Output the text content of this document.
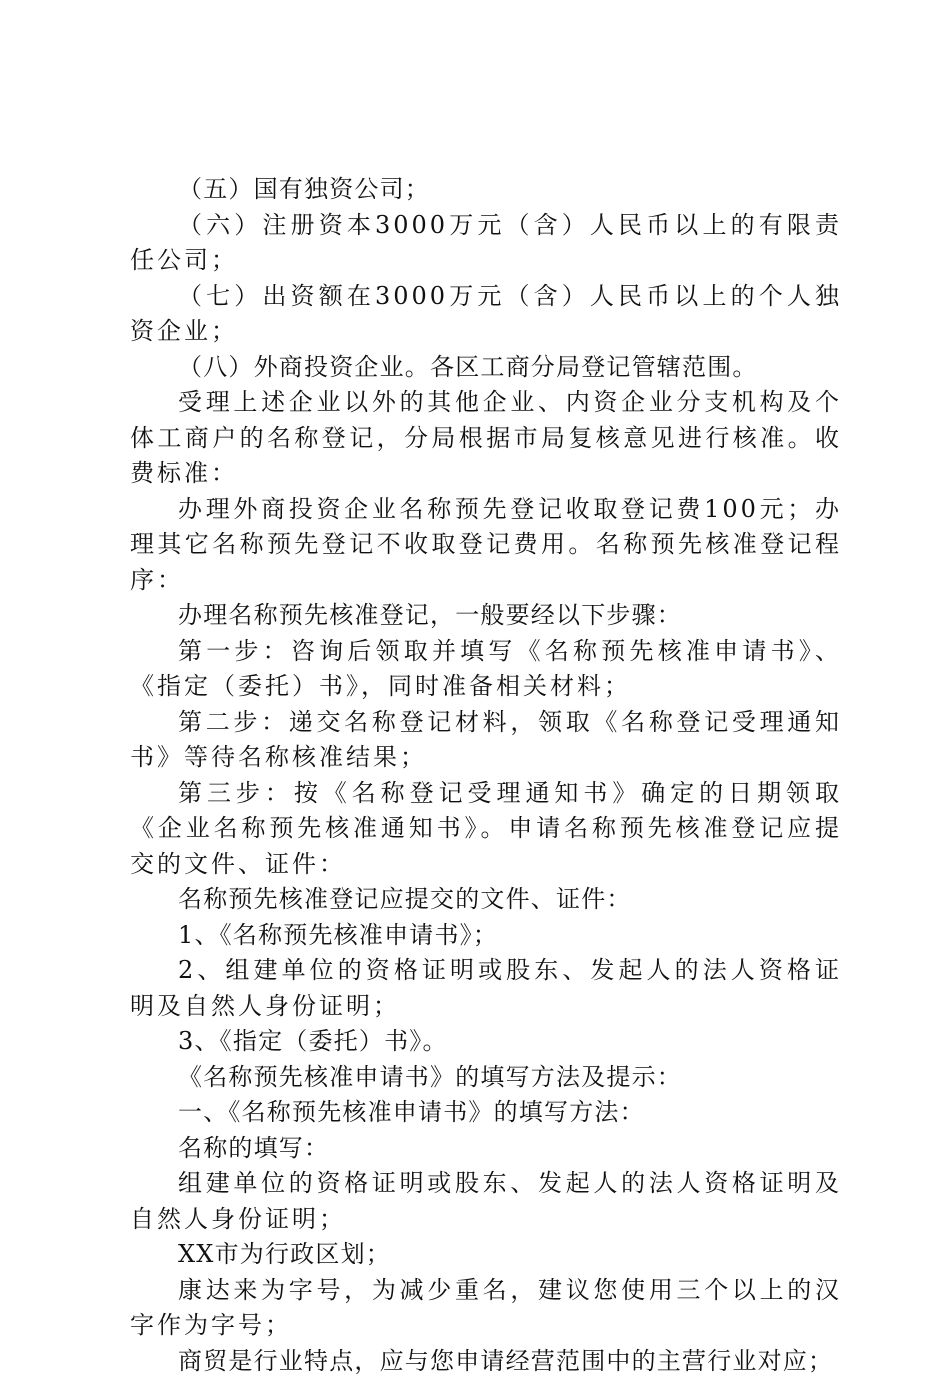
（五）国有独资公司；

（六）注册资本3000万元（含）人民币以上的有限责任公司；

（七）出资额在3000万元（含）人民币以上的个人独资企业；

（八）外商投资企业。各区工商分局登记管辖范围。

受理上述企业以外的其他企业、内资企业分支机构及个体工商户的名称登记，分局根据市局复核意见进行核准。收费标准：

办理外商投资企业名称预先登记收取登记费100元；办理其它名称预先登记不收取登记费用。名称预先核准登记程序：

办理名称预先核准登记，一般要经以下步骤：

第一步：咨询后领取并填写《名称预先核准申请书》、《指定（委托）书》，同时准备相关材料；

第二步：递交名称登记材料，领取《名称登记受理通知书》等待名称核准结果；

第三步：按《名称登记受理通知书》确定的日期领取《企业名称预先核准通知书》。申请名称预先核准登记应提交的文件、证件：

名称预先核准登记应提交的文件、证件：

1、《名称预先核准申请书》；

2、组建单位的资格证明或股东、发起人的法人资格证明及自然人身份证明；

3、《指定（委托）书》。

《名称预先核准申请书》的填写方法及提示：

一、《名称预先核准申请书》的填写方法：

名称的填写：

组建单位的资格证明或股东、发起人的法人资格证明及自然人身份证明；

XX市为行政区划；

康达来为字号，为减少重名，建议您使用三个以上的汉字作为字号；

商贸是行业特点，应与您申请经营范围中的主营行业对应；
